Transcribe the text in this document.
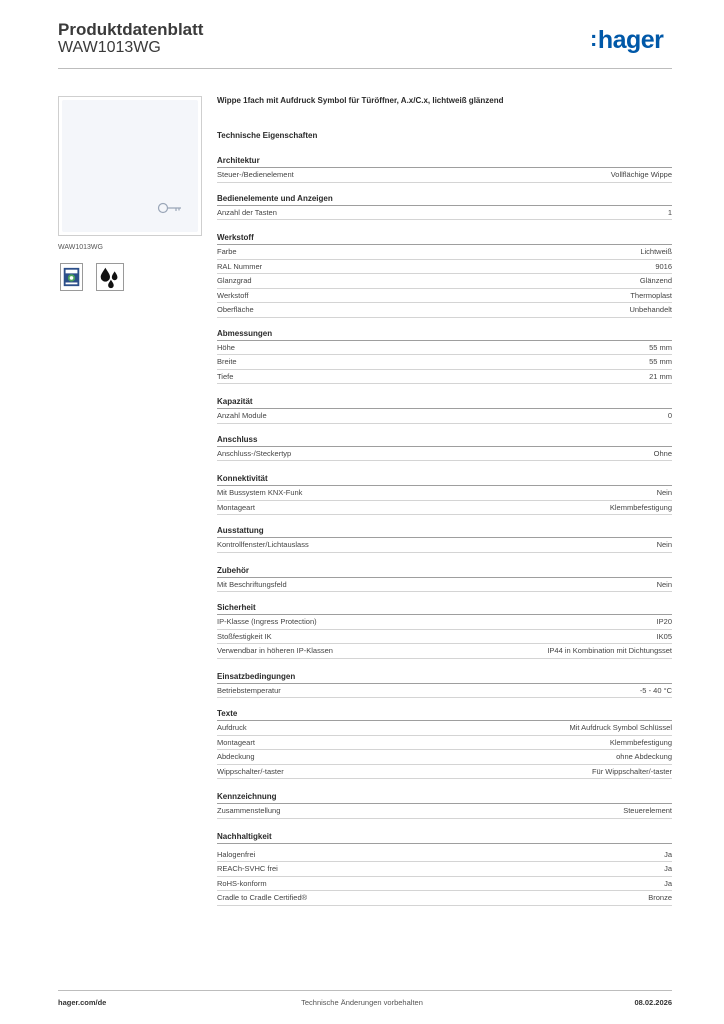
Produktdatenblatt
WAW1013WG	:hager
WAW1013WG
Wippe 1fach mit Aufdruck Symbol für Türöffner, A.x/C.x, lichtweiß glänzend
Technische Eigenschaften
Architektur
Steuer-/Bedienelement	Vollflächige Wippe
Bedienelemente und Anzeigen
Anzahl der Tasten	1
Werkstoff
Farbe	Lichtweiß
RAL Nummer	9016
Glanzgrad	Glänzend
Werkstoff	Thermoplast
Oberfläche	Unbehandelt
Abmessungen
Höhe	55 mm
Breite	55 mm
Tiefe	21 mm
Kapazität
Anzahl Module	0
Anschluss
Anschluss-/Steckertyp	Ohne
Konnektivität
Mit Bussystem KNX-Funk	Nein
Montageart	Klemmbefestigung
Ausstattung
Kontrollfenster/Lichtauslass	Nein
Zubehör
Mit Beschriftungsfeld	Nein
Sicherheit
IP-Klasse (Ingress Protection)	IP20
Stoßfestigkeit IK	IK05
Verwendbar in höheren IP-Klassen	IP44 in Kombination mit Dichtungsset
Einsatzbedingungen
Betriebstemperatur	-5 - 40 °C
Texte
Aufdruck	Mit Aufdruck Symbol Schlüssel
Montageart	Klemmbefestigung
Abdeckung	ohne Abdeckung
Wippschalter/-taster	Für Wippschalter/-taster
Kennzeichnung
Zusammenstellung	Steuerelement
Nachhaltigkeit
Halogenfrei	Ja
REACh-SVHC frei	Ja
RoHS-konform	Ja
Cradle to Cradle Certified®	Bronze
hager.com/de	Technische Änderungen vorbehalten	08.02.2026
